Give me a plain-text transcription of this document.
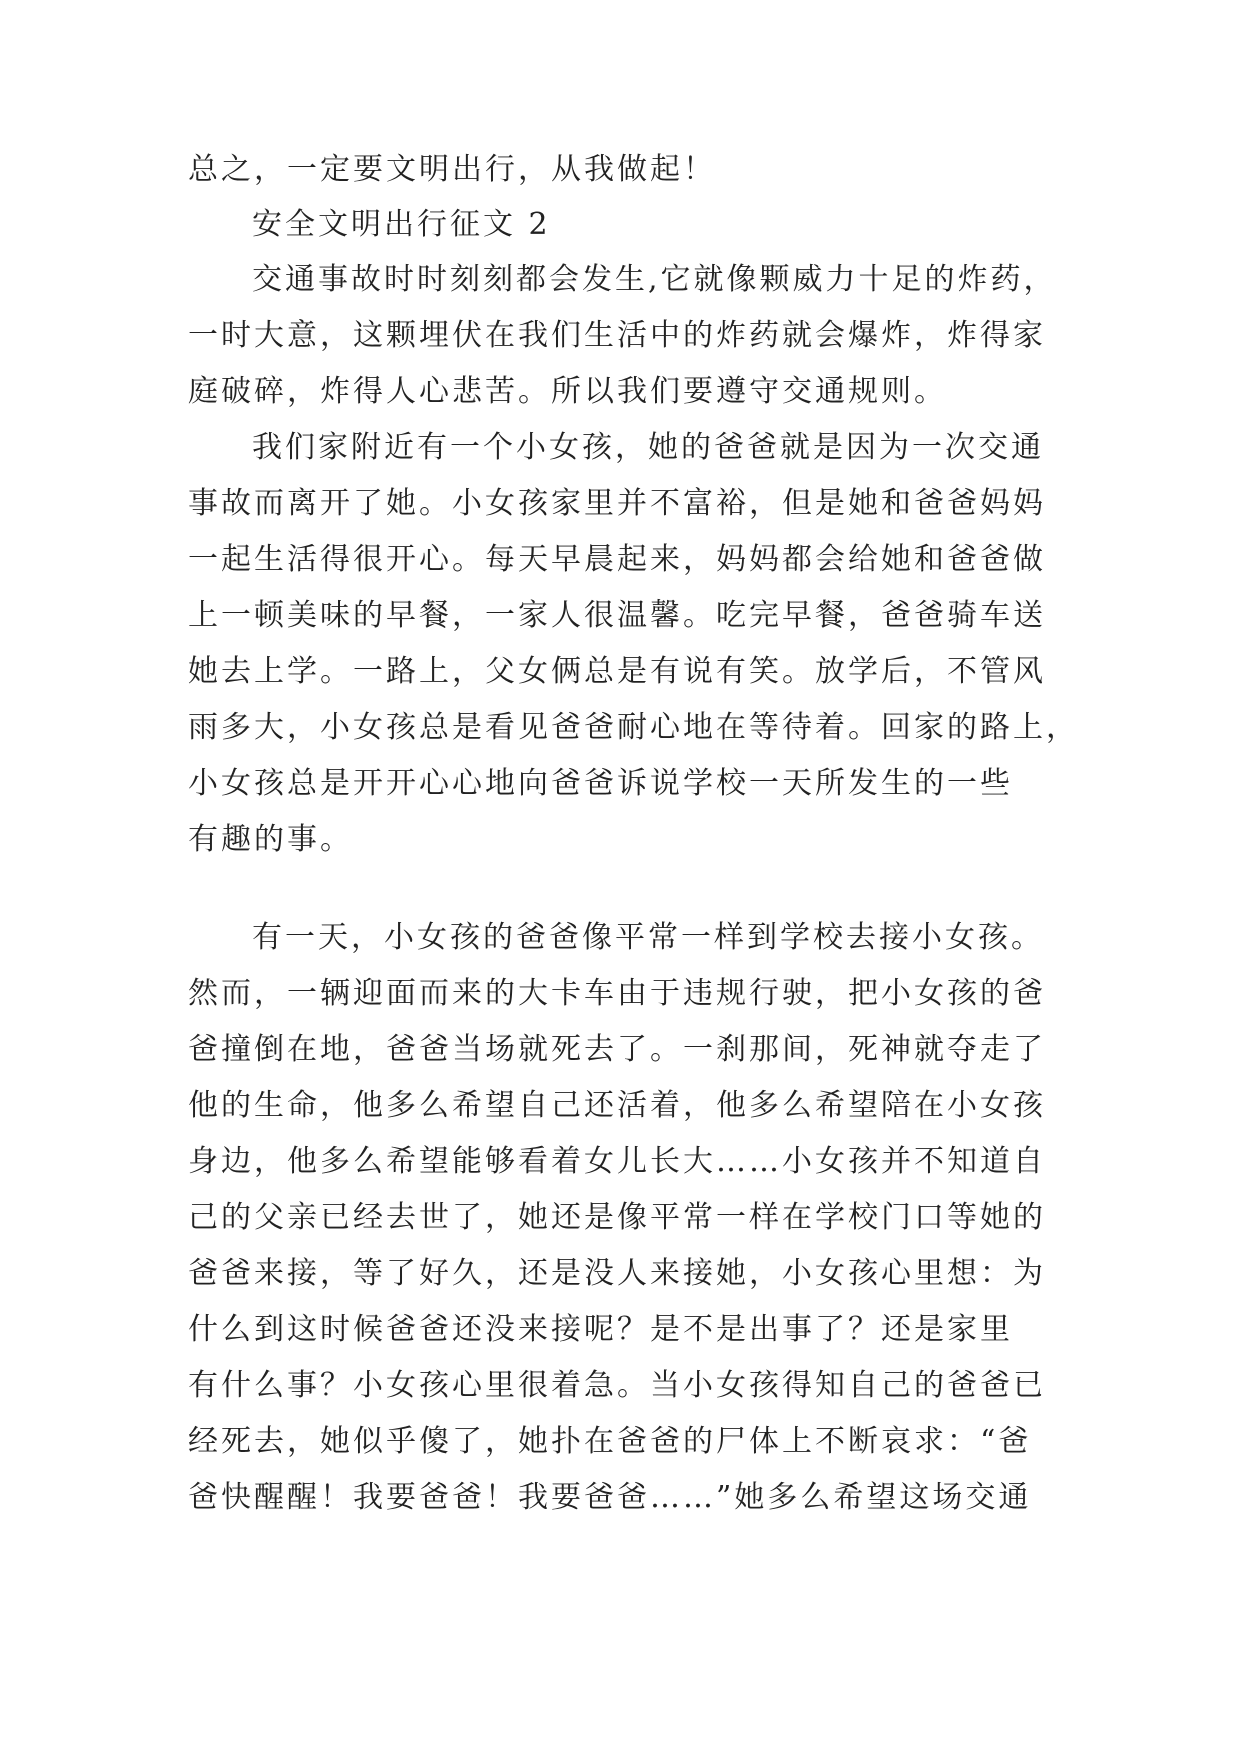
总之，一定要文明出行，从我做起！
安全文明出行征文 2
交通事故时时刻刻都会发生,它就像颗威力十足的炸药，
一时大意，这颗埋伏在我们生活中的炸药就会爆炸，炸得家
庭破碎，炸得人心悲苦。所以我们要遵守交通规则。
我们家附近有一个小女孩，她的爸爸就是因为一次交通
事故而离开了她。小女孩家里并不富裕，但是她和爸爸妈妈
一起生活得很开心。每天早晨起来，妈妈都会给她和爸爸做
上一顿美味的早餐，一家人很温馨。吃完早餐，爸爸骑车送
她去上学。一路上，父女俩总是有说有笑。放学后，不管风
雨多大，小女孩总是看见爸爸耐心地在等待着。回家的路上，
小女孩总是开开心心地向爸爸诉说学校一天所发生的一些
有趣的事。
有一天，小女孩的爸爸像平常一样到学校去接小女孩。
然而，一辆迎面而来的大卡车由于违规行驶，把小女孩的爸
爸撞倒在地，爸爸当场就死去了。一刹那间，死神就夺走了
他的生命，他多么希望自己还活着，他多么希望陪在小女孩
身边，他多么希望能够看着女儿长大……小女孩并不知道自
己的父亲已经去世了，她还是像平常一样在学校门口等她的
爸爸来接，等了好久，还是没人来接她，小女孩心里想：为
什么到这时候爸爸还没来接呢？是不是出事了？还是家里
有什么事？小女孩心里很着急。当小女孩得知自己的爸爸已
经死去，她似乎傻了，她扑在爸爸的尸体上不断哀求：“爸
爸快醒醒！我要爸爸！我要爸爸……”她多么希望这场交通
